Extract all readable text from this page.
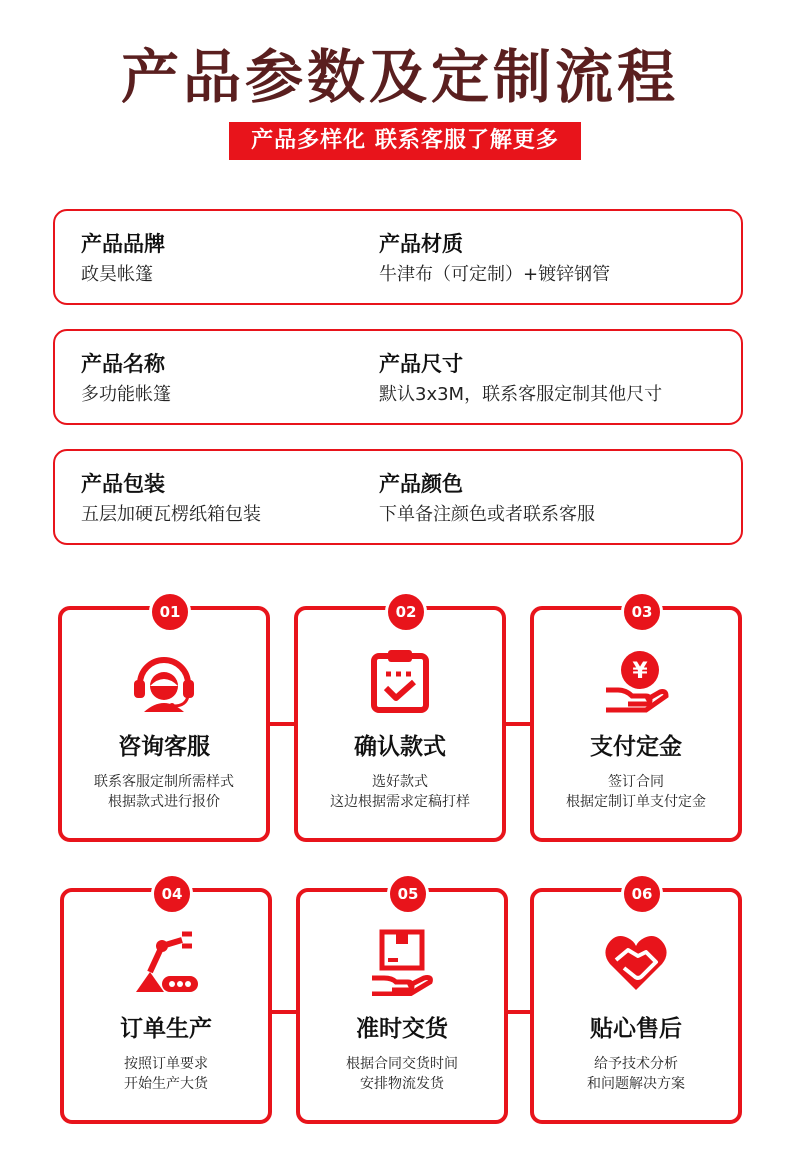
产品参数及定制流程
产品多样化 联系客服了解更多
产品品牌
政昊帐篷
产品材质
牛津布（可定制）+镀锌钢管
产品名称
多功能帐篷
产品尺寸
默认3x3M，联系客服定制其他尺寸
产品包装
五层加硬瓦楞纸箱包装
产品颜色
下单备注颜色或者联系客服
01
咨询客服
联系客服定制所需样式
根据款式进行报价
02
确认款式
选好款式
这边根据需求定稿打样
03
¥
支付定金
签订合同
根据定制订单支付定金
04
订单生产
按照订单要求
开始生产大货
05
准时交货
根据合同交货时间
安排物流发货
06
贴心售后
给予技术分析
和问题解决方案
